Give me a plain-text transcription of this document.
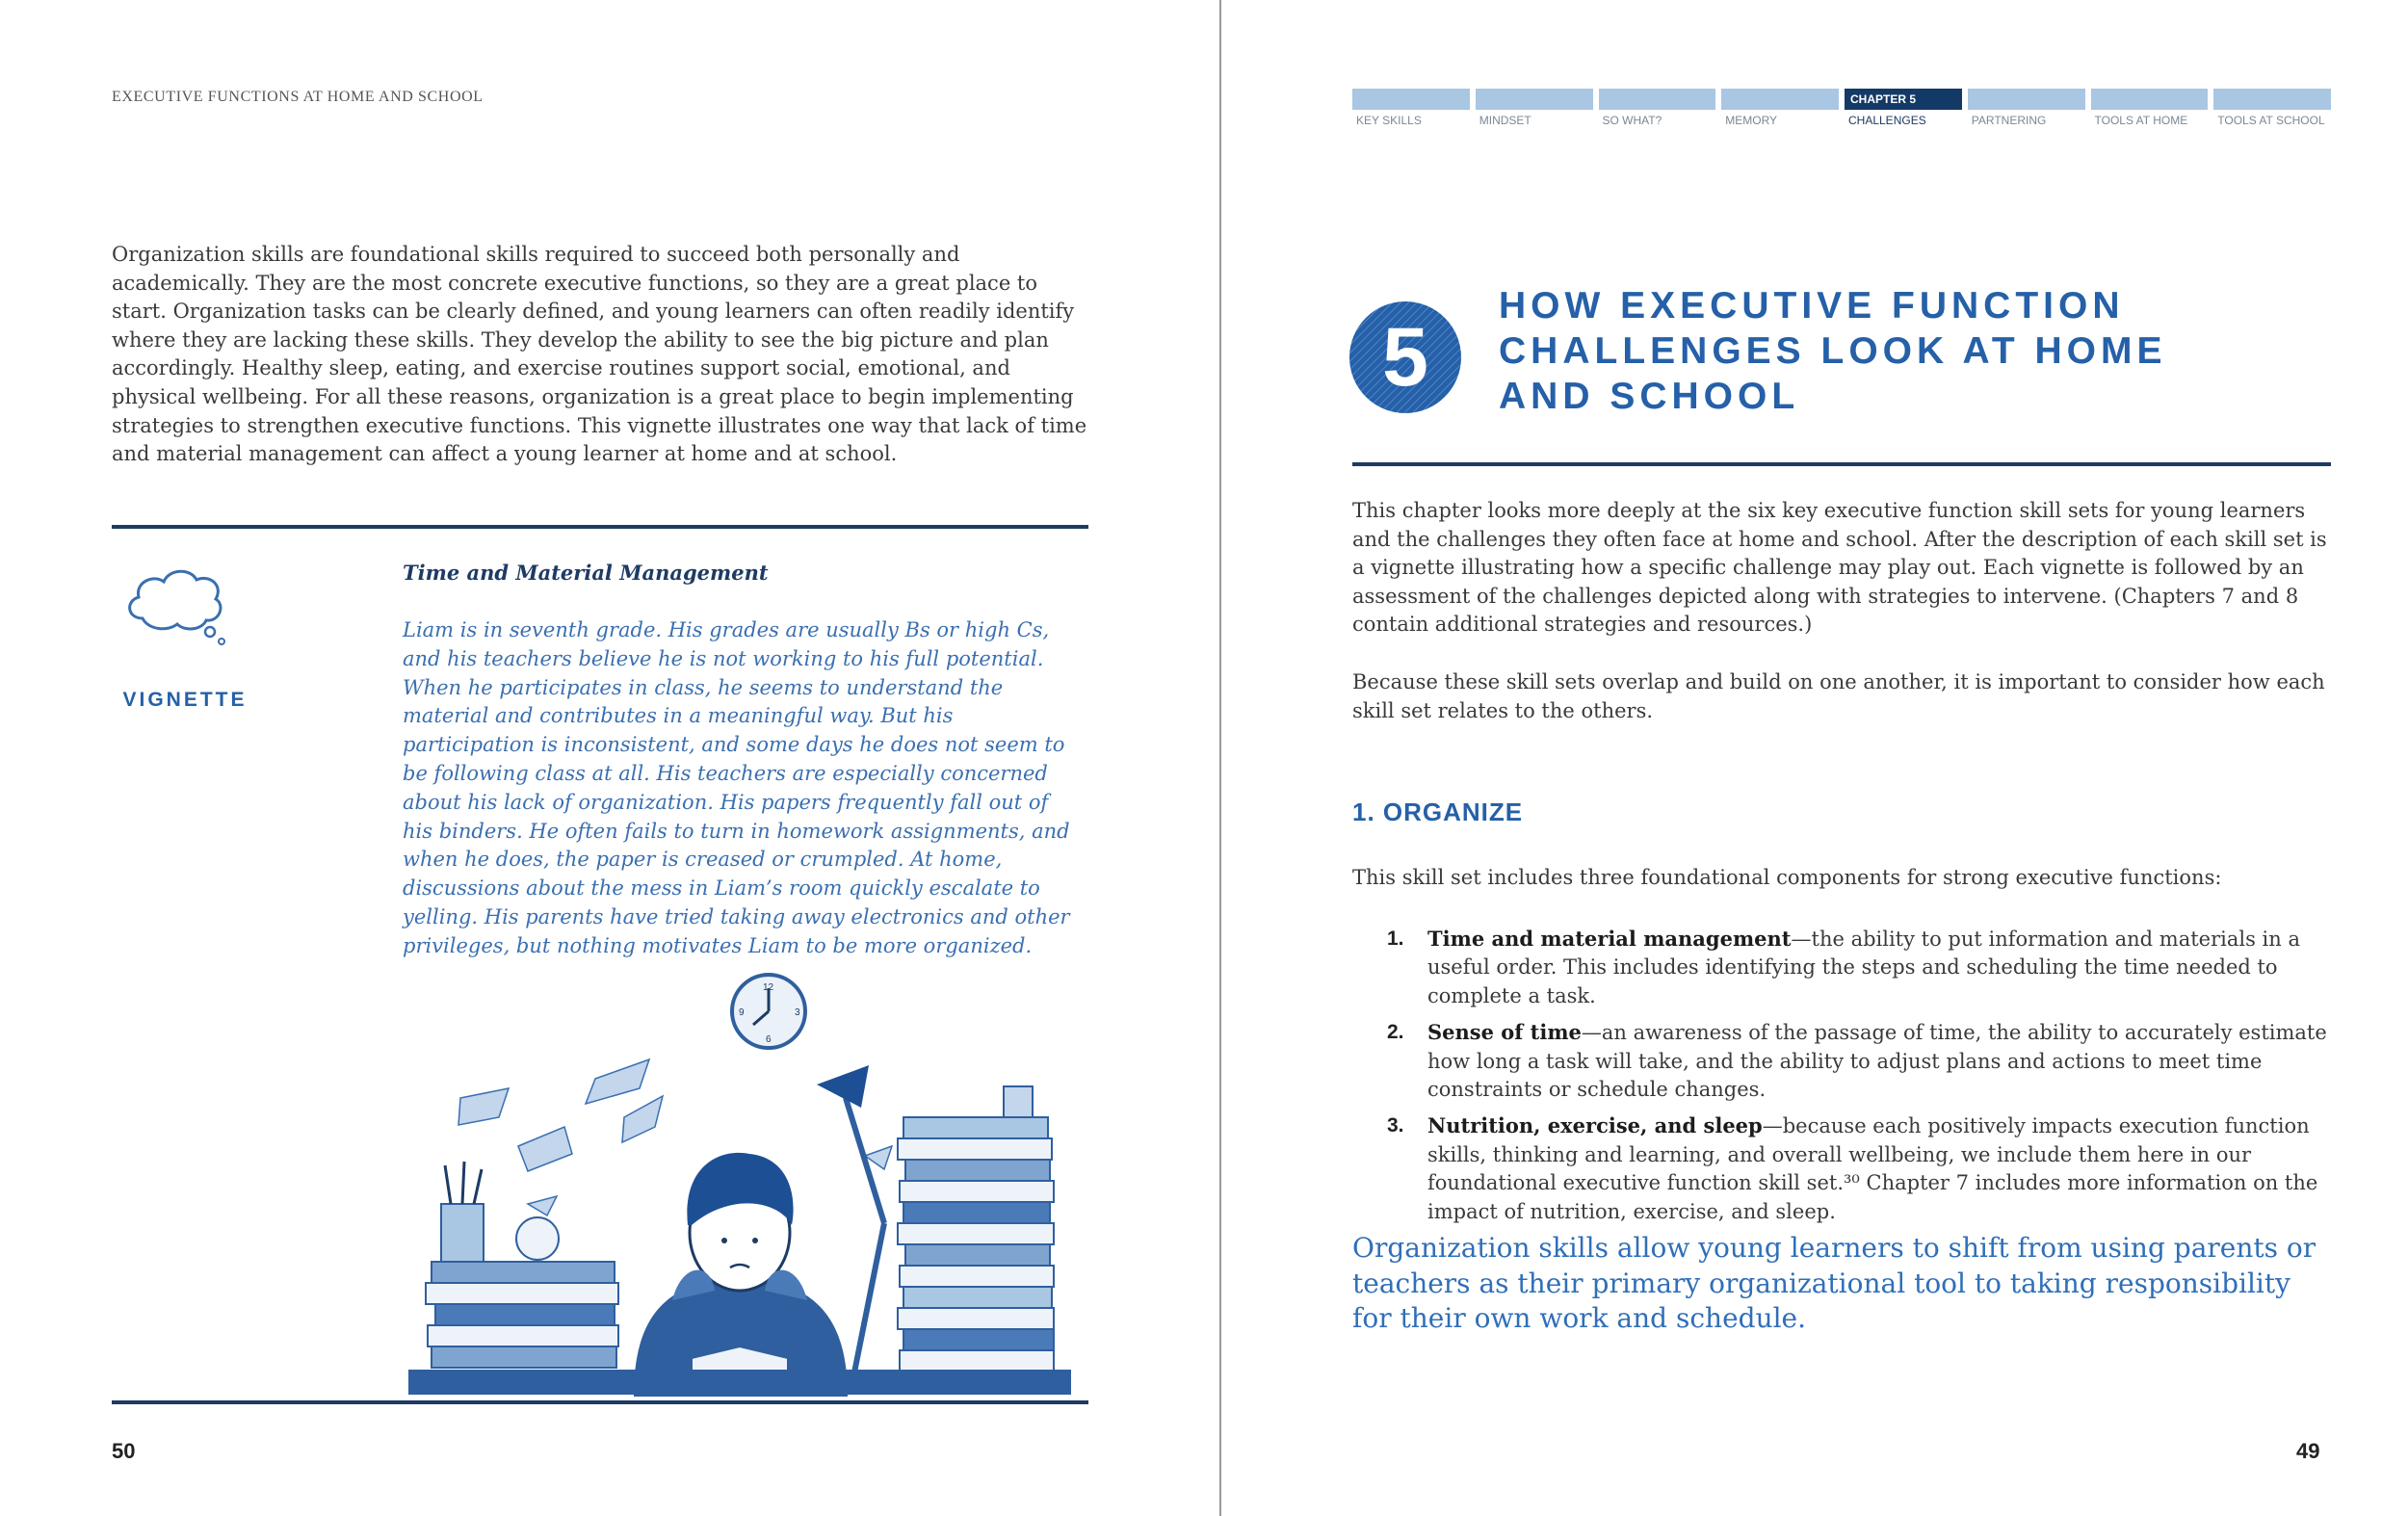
EXECUTIVE FUNCTIONS AT HOME AND SCHOOL

Organization skills are foundational skills required to succeed both personally and academically. They are the most concrete executive functions, so they are a great place to start. Organization tasks can be clearly defined, and young learners can often readily identify where they are lacking these skills. They develop the ability to see the big picture and plan accordingly. Healthy sleep, eating, and exercise routines support social, emotional, and physical wellbeing. For all these reasons, organization is a great place to begin implementing strategies to strengthen executive functions. This vignette illustrates one way that lack of time and material management can affect a young learner at home and at school.

VIGNETTE
Time and Material Management

Liam is in seventh grade. His grades are usually Bs or high Cs, and his teachers believe he is not working to his full potential. When he participates in class, he seems to understand the material and contributes in a meaningful way. But his participation is inconsistent, and some days he does not seem to be following class at all. His teachers are especially concerned about his lack of organization. His papers frequently fall out of his binders. He often fails to turn in homework assignments, and when he does, the paper is creased or crumpled. At home, discussions about the mess in Liam’s room quickly escalate to yelling. His parents have tried taking away electronics and other privileges, but nothing motivates Liam to be more organized.

12
3
6
9
50
KEY SKILLS	MINDSET	SO WHAT?	MEMORY
CHAPTER 5
CHALLENGES	PARTNERING	TOOLS AT HOME	TOOLS AT SCHOOL
5
HOW EXECUTIVE FUNCTION CHALLENGES LOOK AT HOME AND SCHOOL

This chapter looks more deeply at the six key executive function skill sets for young learners and the challenges they often face at home and school. After the description of each skill set is a vignette illustrating how a specific challenge may play out. Each vignette is followed by an assessment of the challenges depicted along with strategies to intervene. (Chapters 7 and 8 contain additional strategies and resources.)

Because these skill sets overlap and build on one another, it is important to consider how each skill set relates to the others.

1. ORGANIZE

This skill set includes three foundational components for strong executive functions:

1.	Time and material management—the ability to put information and materials in a useful order. This includes identifying the steps and scheduling the time needed to complete a task.
2.	Sense of time—an awareness of the passage of time, the ability to accurately estimate how long a task will take, and the ability to adjust plans and actions to meet time constraints or schedule changes.
3.	Nutrition, exercise, and sleep—because each positively impacts execution function skills, thinking and learning, and overall wellbeing, we include them here in our foundational executive function skill set.³⁰ Chapter 7 includes more information on the impact of nutrition, exercise, and sleep.

Organization skills allow young learners to shift from using parents or teachers as their primary organizational tool to taking responsibility for their own work and schedule.

49
